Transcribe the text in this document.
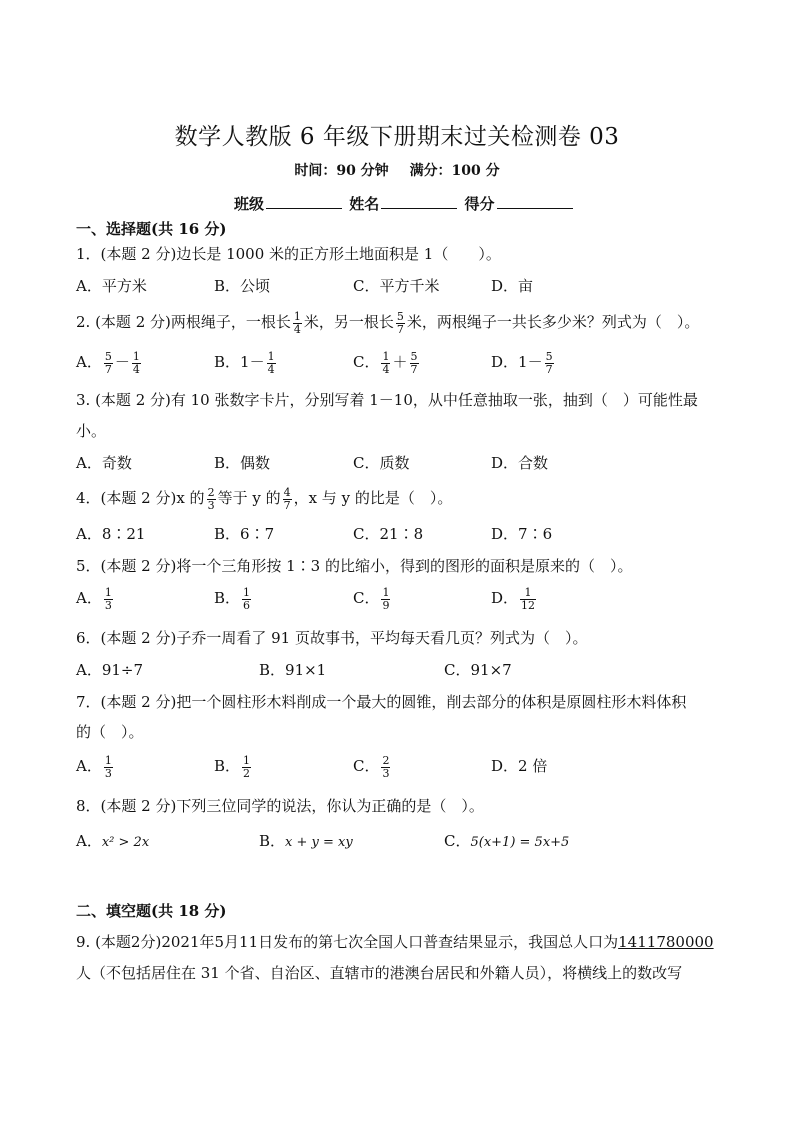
数学人教版 6 年级下册期末过关检测卷 03
时间：90 分钟 满分：100 分
班级	姓名	得分
一、选择题(共 16 分)
1．(本题 2 分)边长是 1000 米的正方形土地面积是 1（　　）。
A．平方米	B．公顷	C．平方千米	D．亩
2. (本题 2 分)两根绳子，一根长 $\frac{1}{4}$ 米，另一根长 $\frac{5}{7}$ 米，两根绳子一共长多少米？列式为（　）。
A． $\frac{5}{7} - \frac{1}{4}$	B．$1- \frac{1}{4}$	C． $\frac{1}{4} + \frac{5}{7}$	D．$1- \frac{5}{7}$
3. (本题 2 分)有 10 张数字卡片，分别写着 1－10，从中任意抽取一张，抽到（　）可能性最
小。
A．奇数	B．偶数	C．质数	D．合数
4．(本题 2 分)x 的 $\frac{2}{3}$ 等于 y 的 $\frac{4}{7}$ ，x 与 y 的比是（　）。
A．8∶21	B．6∶7	C．21∶8	D．7∶6
5．(本题 2 分)将一个三角形按 1∶3 的比缩小，得到的图形的面积是原来的（　）。
A． $\frac{1}{3}$	B． $\frac{1}{6}$	C． $\frac{1}{9}$	D． $\frac{1}{12}$
6．(本题 2 分)子乔一周看了 91 页故事书，平均每天看几页？列式为（　）。
A．91÷7	B．91×1	C．91×7
7．(本题 2 分)把一个圆柱形木料削成一个最大的圆锥，削去部分的体积是原圆柱形木料体积
的（　）。
A． $\frac{1}{3}$	B． $\frac{1}{2}$	C． $\frac{2}{3}$	D．2 倍
8．(本题 2 分)下列三位同学的说法，你认为正确的是（　）。
A．x² > 2x	B．x + y = xy	C．5(x+1) = 5x+5
二、填空题(共 18 分)
9. (本题2分)2021年5月11日发布的第七次全国人口普查结果显示，我国总人口为1411780000
人（不包括居住在 31 个省、自治区、直辖市的港澳台居民和外籍人员），将横线上的数改写
